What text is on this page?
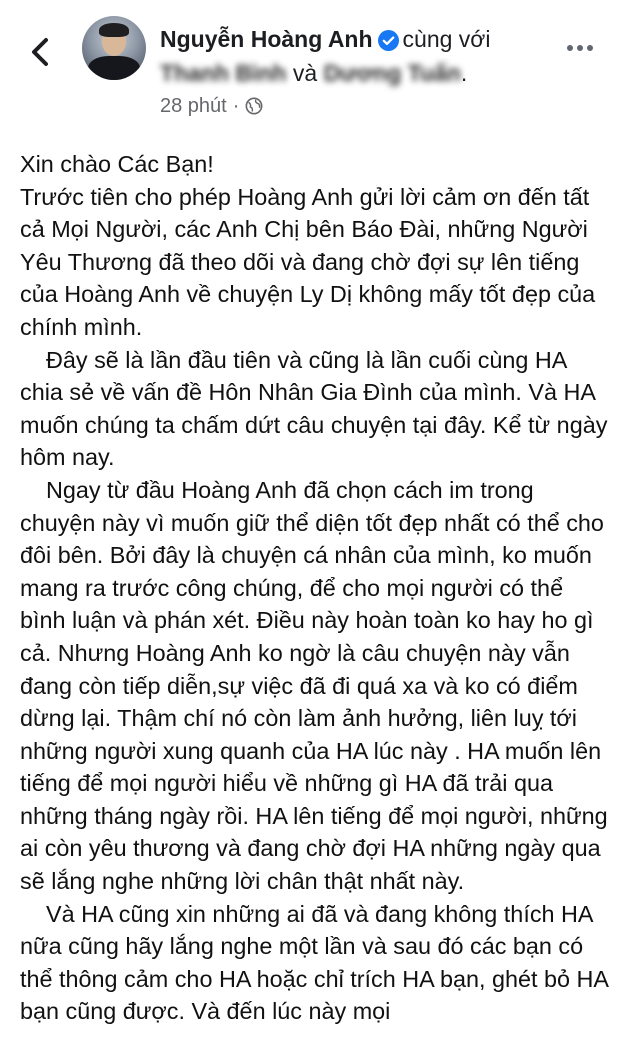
Nguyễn Hoàng Anh cùng với
Thanh Bình và Dương Tuấn.
28 phút ·

Xin chào Các Bạn!

Trước tiên cho phép Hoàng Anh gửi lời cảm ơn đến tất cả Mọi Người, các Anh Chị bên Báo Đài, những Người Yêu Thương đã theo dõi và đang chờ đợi sự lên tiếng của Hoàng Anh về chuyện Ly Dị không mấy tốt đẹp của chính mình.

Đây sẽ là lần đầu tiên và cũng là lần cuối cùng HA chia sẻ về vấn đề Hôn Nhân Gia Đình của mình. Và HA muốn chúng ta chấm dứt câu chuyện tại đây. Kể từ ngày hôm nay.

Ngay từ đầu Hoàng Anh đã chọn cách im trong chuyện này vì muốn giữ thể diện tốt đẹp nhất có thể cho đôi bên. Bởi đây là chuyện cá nhân của mình, ko muốn mang ra trước công chúng, để cho mọi người có thể bình luận và phán xét. Điều này hoàn toàn ko hay ho gì cả. Nhưng Hoàng Anh ko ngờ là câu chuyện này vẫn đang còn tiếp diễn,sự việc đã đi quá xa và ko có điểm dừng lại. Thậm chí nó còn làm ảnh hưởng, liên luỵ tới những người xung quanh của HA lúc này . HA muốn lên tiếng để mọi người hiểu về những gì HA đã trải qua những tháng ngày rồi. HA lên tiếng để mọi người, những ai còn yêu thương và đang chờ đợi HA những ngày qua sẽ lắng nghe những lời chân thật nhất này.

Và HA cũng xin những ai đã và đang không thích HA nữa cũng hãy lắng nghe một lần và sau đó các bạn có thể thông cảm cho HA hoặc chỉ trích HA bạn, ghét bỏ HA bạn cũng được. Và đến lúc này mọi
